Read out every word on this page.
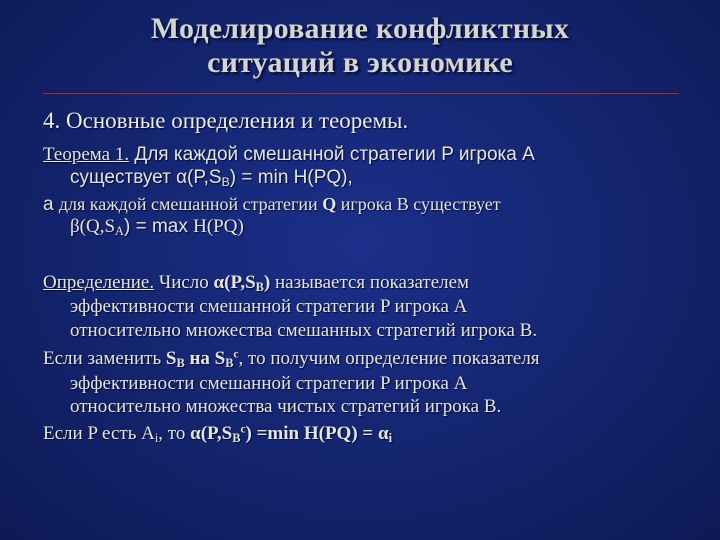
Моделирование конфликтных
ситуаций в экономике
4. Основные определения и теоремы.
Теорема 1. Для каждой смешанной стратегии P игрока A
существует $\alpha(P,S_B) = \min H(PQ)$,
а для каждой смешанной стратегии Q игрока B существует
$\beta(Q,S_A) = \max H(PQ)$
Определение. Число $\alpha(P,S_B)$ называется показателем
эффективности смешанной стратегии P игрока A
относительно множества смешанных стратегий игрока B.
Если заменить $S_B$ на $S_B^c$, то получим определение показателя
эффективности смешанной стратегии P игрока A
относительно множества чистых стратегий игрока B.
Если P есть $A_i$, то $\alpha(P,S_B^c) =\min$ $H(PQ) = \alpha_i$
